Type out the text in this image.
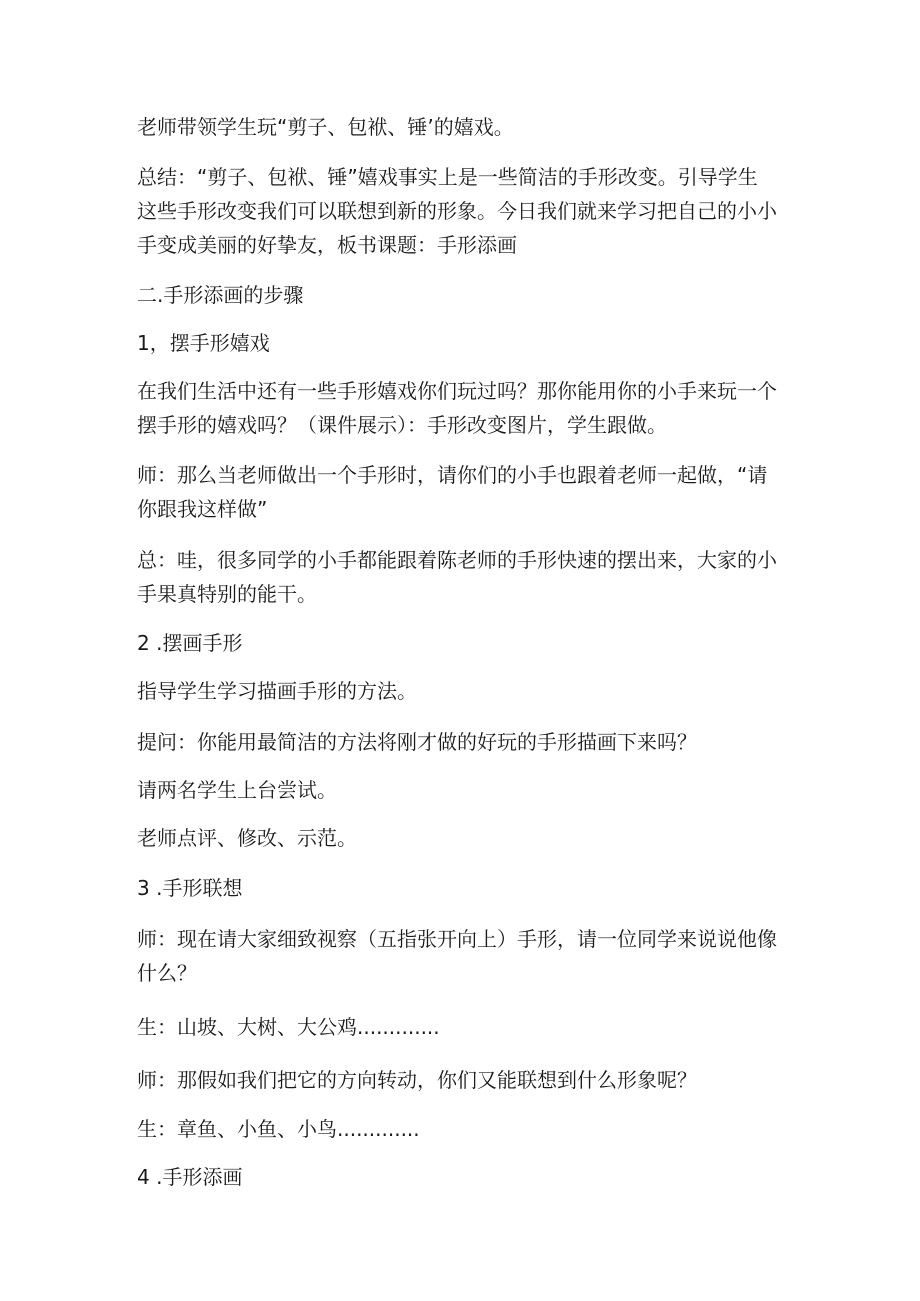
老师带领学生玩“剪子、包袱、锤’的嬉戏。

总结：“剪子、包袱、锤”嬉戏事实上是一些简洁的手形改变。引导学生
这些手形改变我们可以联想到新的形象。今日我们就来学习把自己的小小
手变成美丽的好挚友，板书课题：手形添画

二.手形添画的步骤

1，摆手形嬉戏

在我们生活中还有一些手形嬉戏你们玩过吗？那你能用你的小手来玩一个
摆手形的嬉戏吗？（课件展示）：手形改变图片，学生跟做。

师：那么当老师做出一个手形时，请你们的小手也跟着老师一起做，“请
你跟我这样做”

总：哇，很多同学的小手都能跟着陈老师的手形快速的摆出来，大家的小
手果真特别的能干。

2 .摆画手形

指导学生学习描画手形的方法。

提问：你能用最简洁的方法将刚才做的好玩的手形描画下来吗？

请两名学生上台尝试。

老师点评、修改、示范。

3 .手形联想

师：现在请大家细致视察（五指张开向上）手形，请一位同学来说说他像
什么？

生：山坡、大树、大公鸡.............

师：那假如我们把它的方向转动，你们又能联想到什么形象呢？

生：章鱼、小鱼、小鸟.............

4 .手形添画
